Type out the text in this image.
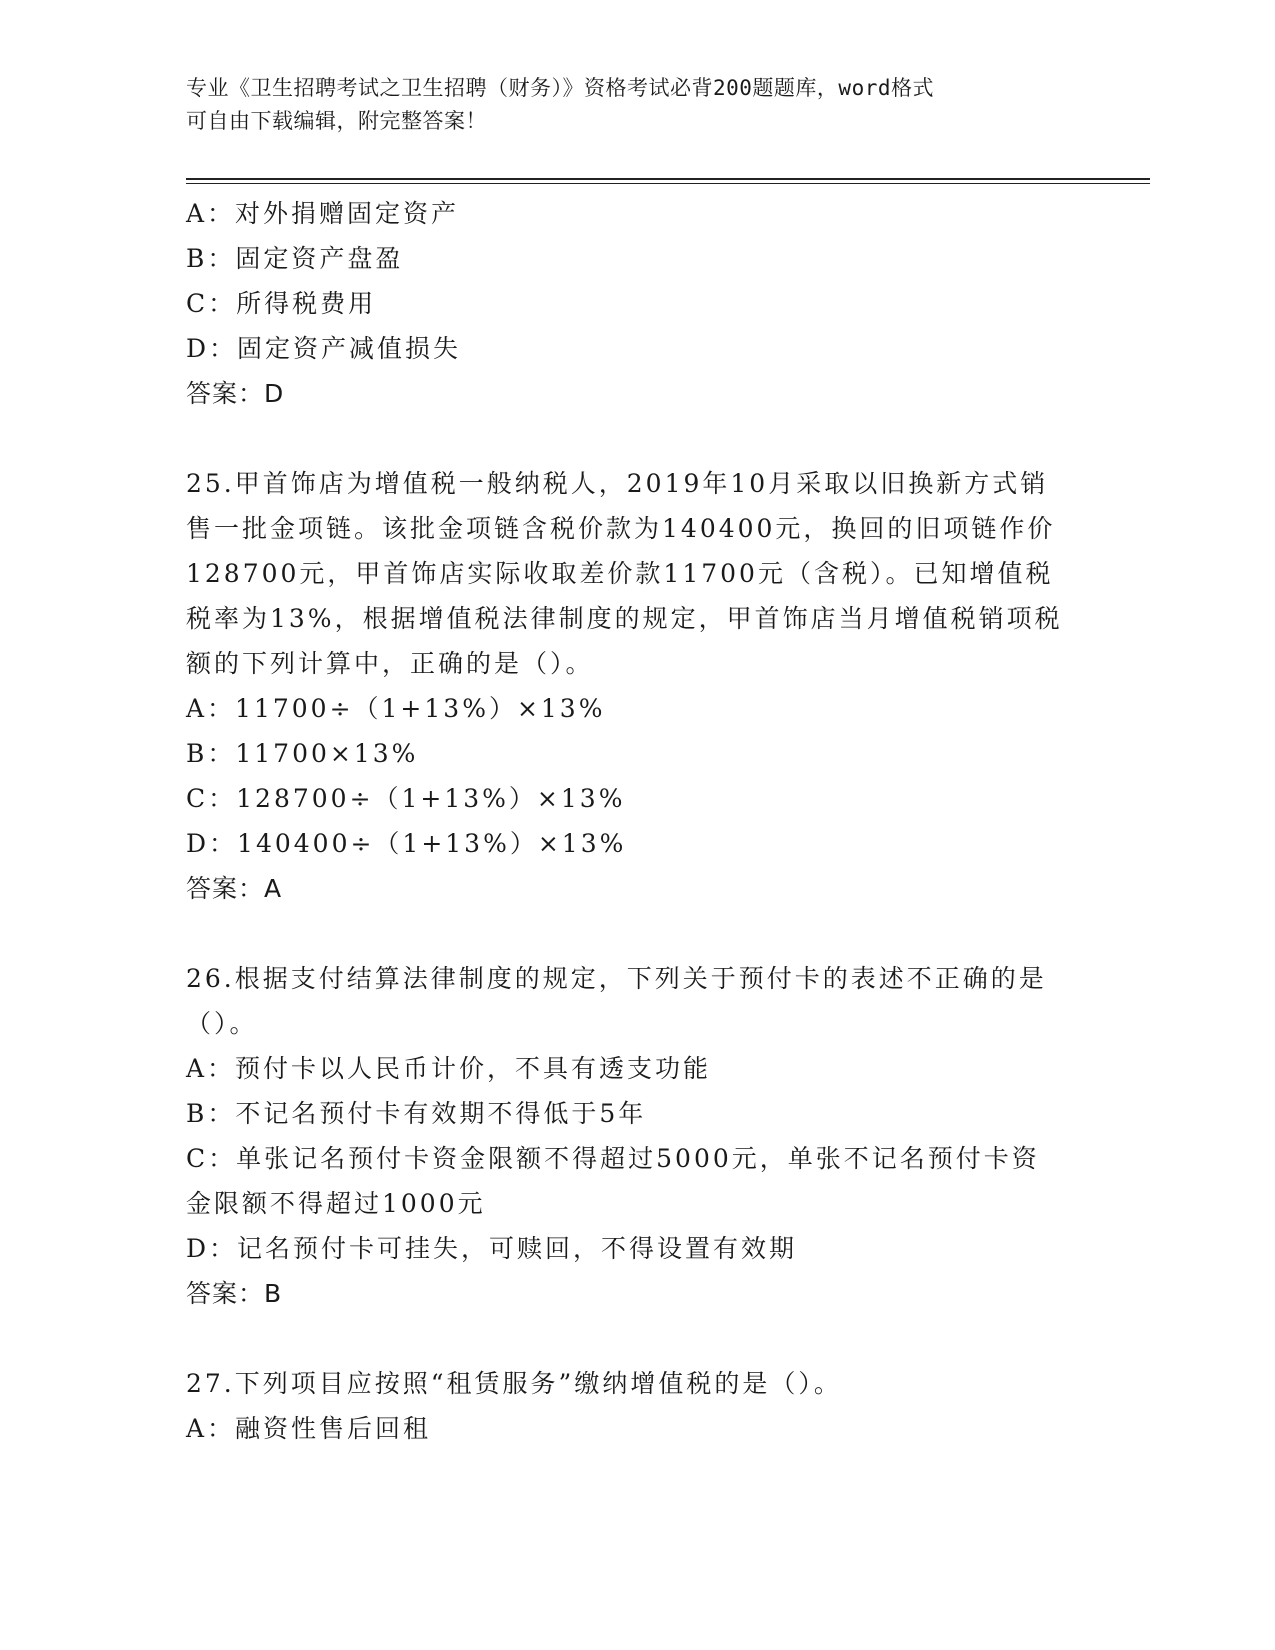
专业《卫生招聘考试之卫生招聘（财务）》资格考试必背200题题库，word格式
可自由下载编辑，附完整答案！
A：对外捐赠固定资产
B：固定资产盘盈
C：所得税费用
D：固定资产减值损失
答案：D
25.甲首饰店为增值税一般纳税人，2019年10月采取以旧换新方式销
售一批金项链。该批金项链含税价款为140400元，换回的旧项链作价
128700元，甲首饰店实际收取差价款11700元（含税）。已知增值税
税率为13%，根据增值税法律制度的规定，甲首饰店当月增值税销项税
额的下列计算中，正确的是（）。
A：11700÷（1+13%）×13%
B：11700×13%
C：128700÷（1+13%）×13%
D：140400÷（1+13%）×13%
答案：A
26.根据支付结算法律制度的规定，下列关于预付卡的表述不正确的是
（）。
A：预付卡以人民币计价，不具有透支功能
B：不记名预付卡有效期不得低于5年
C：单张记名预付卡资金限额不得超过5000元，单张不记名预付卡资
金限额不得超过1000元
D：记名预付卡可挂失，可赎回，不得设置有效期
答案：B
27.下列项目应按照“租赁服务”缴纳增值税的是（）。
A：融资性售后回租
